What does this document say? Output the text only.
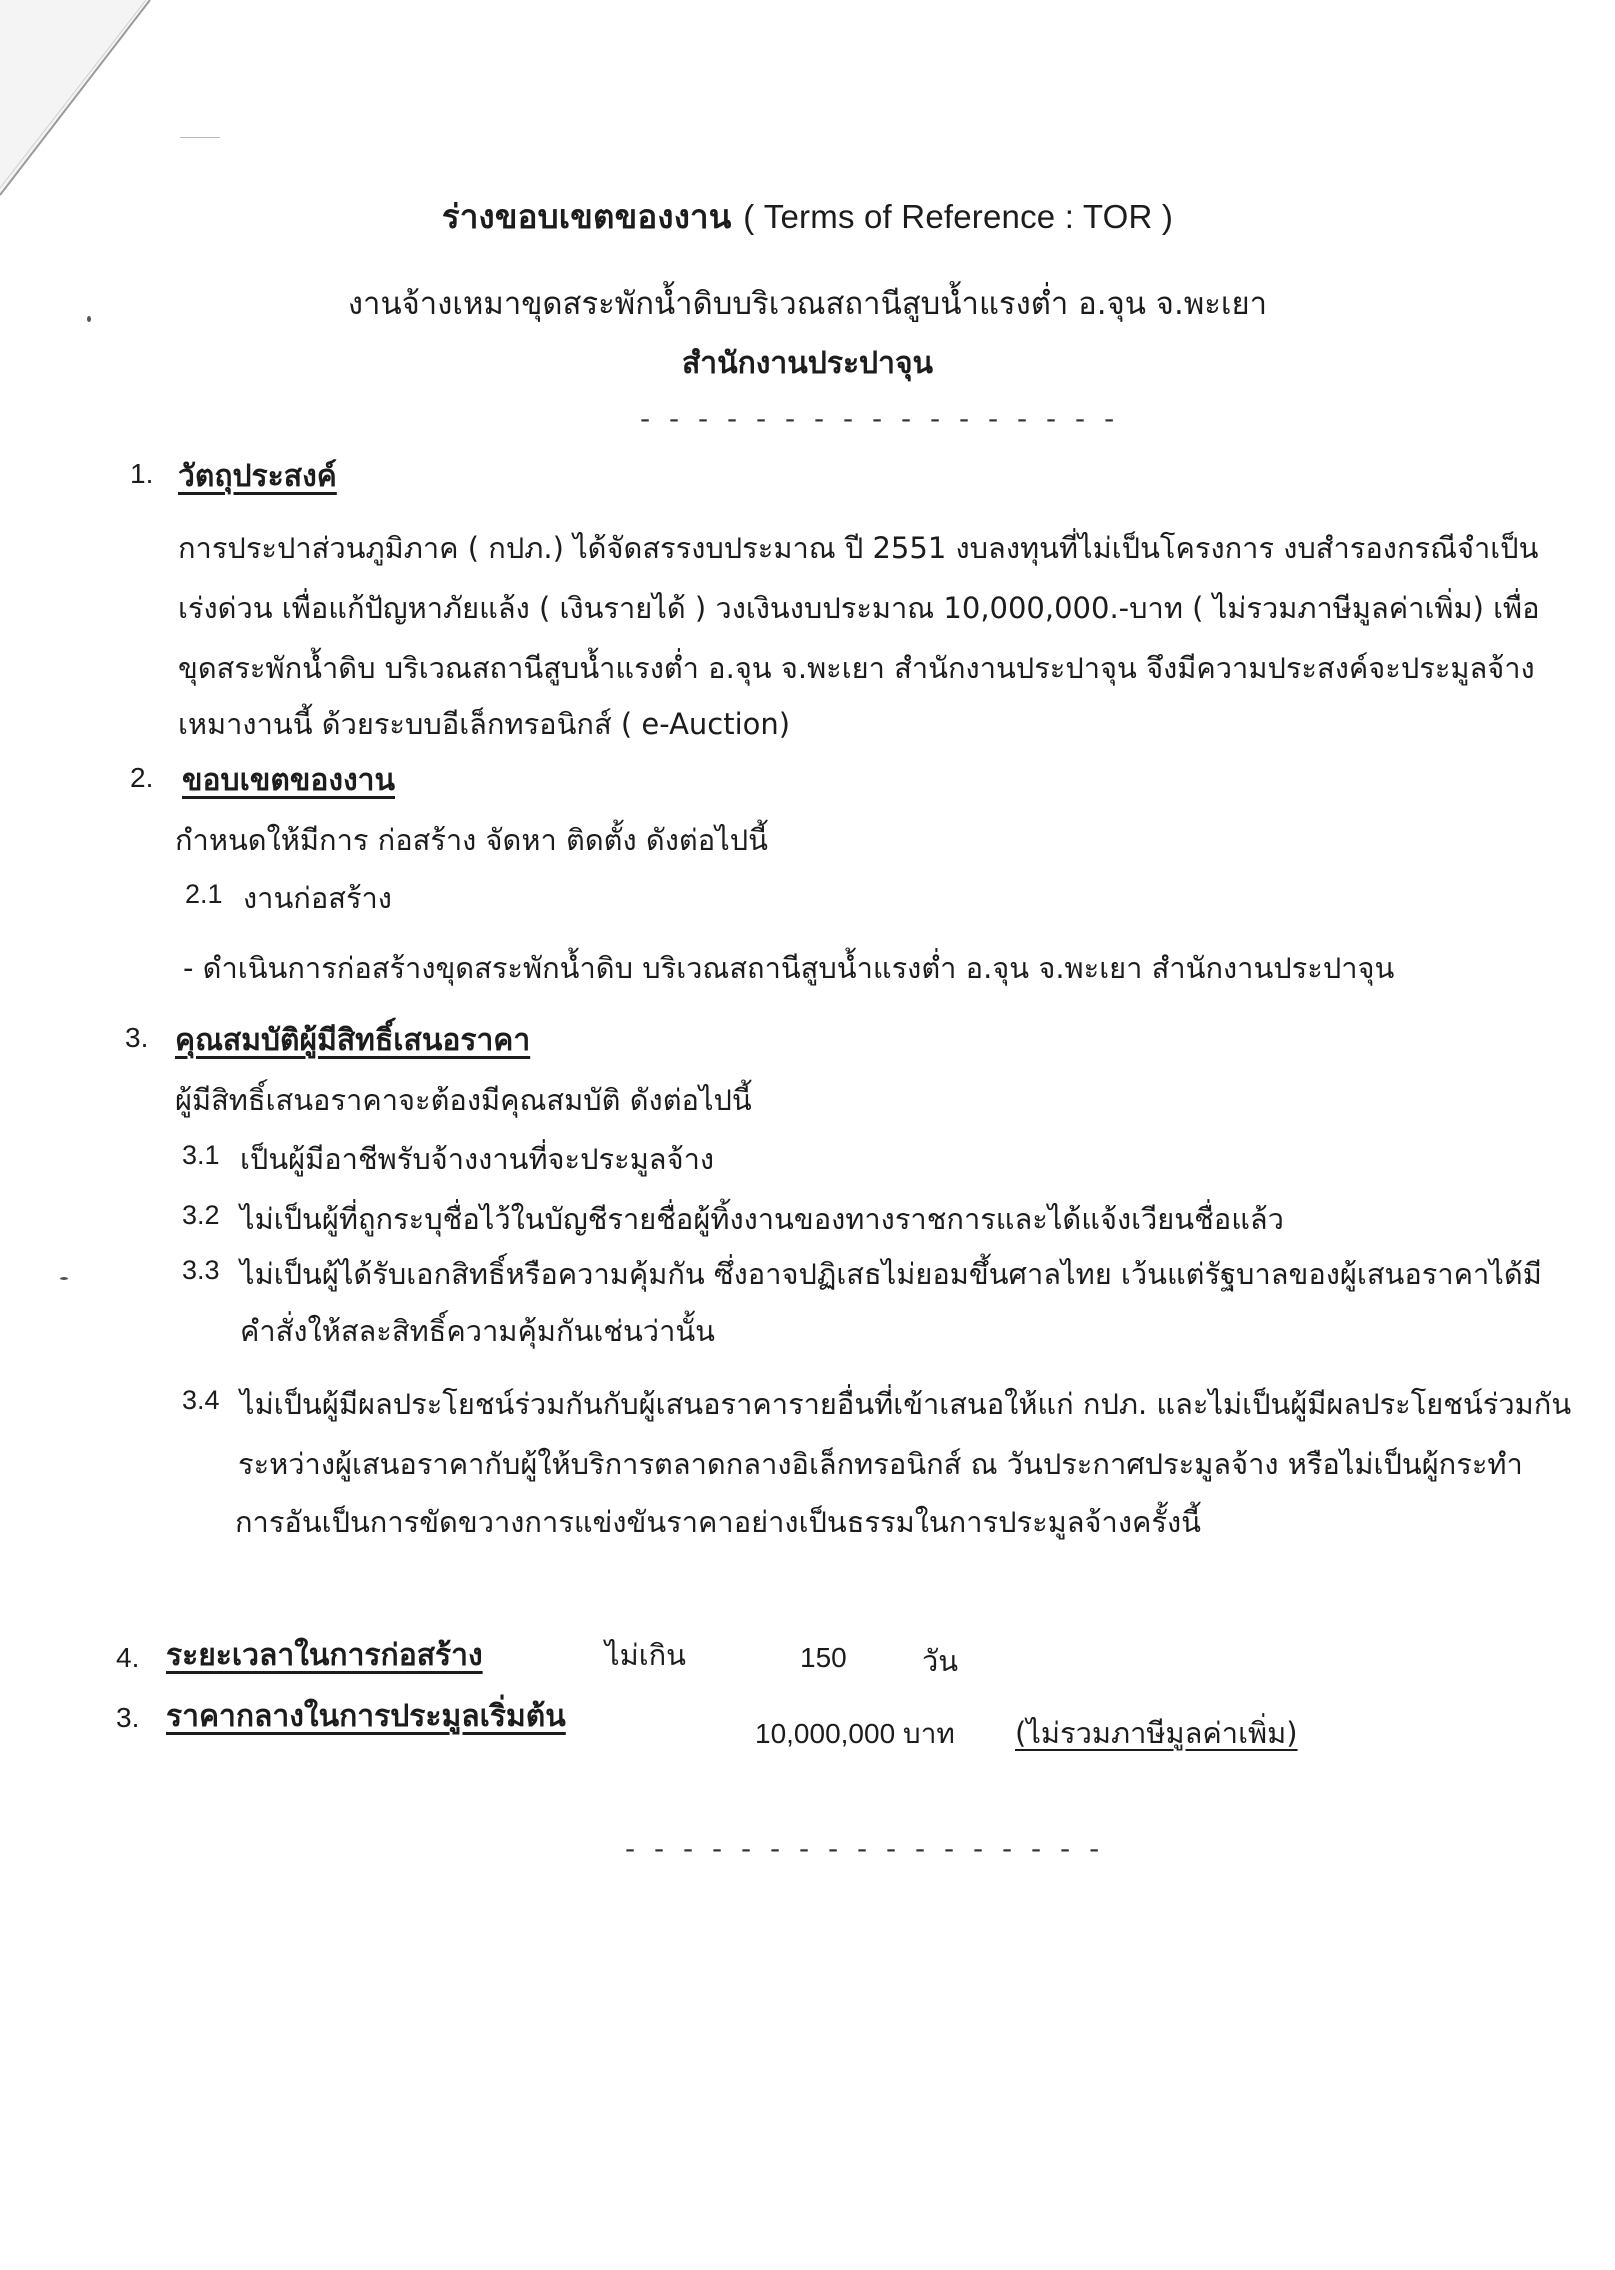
ร่างขอบเขตของงาน ( Terms of Reference : TOR )
งานจ้างเหมาขุดสระพักน้ำดิบบริเวณสถานีสูบน้ำแรงต่ำ อ.จุน จ.พะเยา
สำนักงานประปาจุน
- - - - - - - - - - - - - - - - -
1. วัตถุประสงค์
การประปาส่วนภูมิภาค ( กปภ.) ได้จัดสรรงบประมาณ ปี 2551 งบลงทุนที่ไม่เป็นโครงการ งบสำรองกรณีจำเป็น
เร่งด่วน เพื่อแก้ปัญหาภัยแล้ง ( เงินรายได้ ) วงเงินงบประมาณ 10,000,000.-บาท ( ไม่รวมภาษีมูลค่าเพิ่ม) เพื่อ
ขุดสระพักน้ำดิบ บริเวณสถานีสูบน้ำแรงต่ำ อ.จุน จ.พะเยา สำนักงานประปาจุน จึงมีความประสงค์จะประมูลจ้าง
เหมางานนี้ ด้วยระบบอีเล็กทรอนิกส์ ( e-Auction)
2. ขอบเขตของงาน
กำหนดให้มีการ ก่อสร้าง จัดหา ติดตั้ง ดังต่อไปนี้
2.1 งานก่อสร้าง
- ดำเนินการก่อสร้างขุดสระพักน้ำดิบ บริเวณสถานีสูบน้ำแรงต่ำ อ.จุน จ.พะเยา สำนักงานประปาจุน
3. คุณสมบัติผู้มีสิทธิ์เสนอราคา
ผู้มีสิทธิ์เสนอราคาจะต้องมีคุณสมบัติ ดังต่อไปนี้
3.1 เป็นผู้มีอาชีพรับจ้างงานที่จะประมูลจ้าง
3.2 ไม่เป็นผู้ที่ถูกระบุชื่อไว้ในบัญชีรายชื่อผู้ทิ้งงานของทางราชการและได้แจ้งเวียนชื่อแล้ว
3.3 ไม่เป็นผู้ได้รับเอกสิทธิ์หรือความคุ้มกัน ซึ่งอาจปฏิเสธไม่ยอมขึ้นศาลไทย เว้นแต่รัฐบาลของผู้เสนอราคาได้มี
คำสั่งให้สละสิทธิ์ความคุ้มกันเช่นว่านั้น
3.4 ไม่เป็นผู้มีผลประโยชน์ร่วมกันกับผู้เสนอราคารายอื่นที่เข้าเสนอให้แก่ กปภ. และไม่เป็นผู้มีผลประโยชน์ร่วมกัน
ระหว่างผู้เสนอราคากับผู้ให้บริการตลาดกลางอิเล็กทรอนิกส์ ณ วันประกาศประมูลจ้าง หรือไม่เป็นผู้กระทำ
การอันเป็นการขัดขวางการแข่งขันราคาอย่างเป็นธรรมในการประมูลจ้างครั้งนี้
4. ระยะเวลาในการก่อสร้าง	ไม่เกิน	150	วัน
3. ราคากลางในการประมูลเริ่มต้น	10,000,000 บาท (ไม่รวมภาษีมูลค่าเพิ่ม)
- - - - - - - - - - - - - - - - -
